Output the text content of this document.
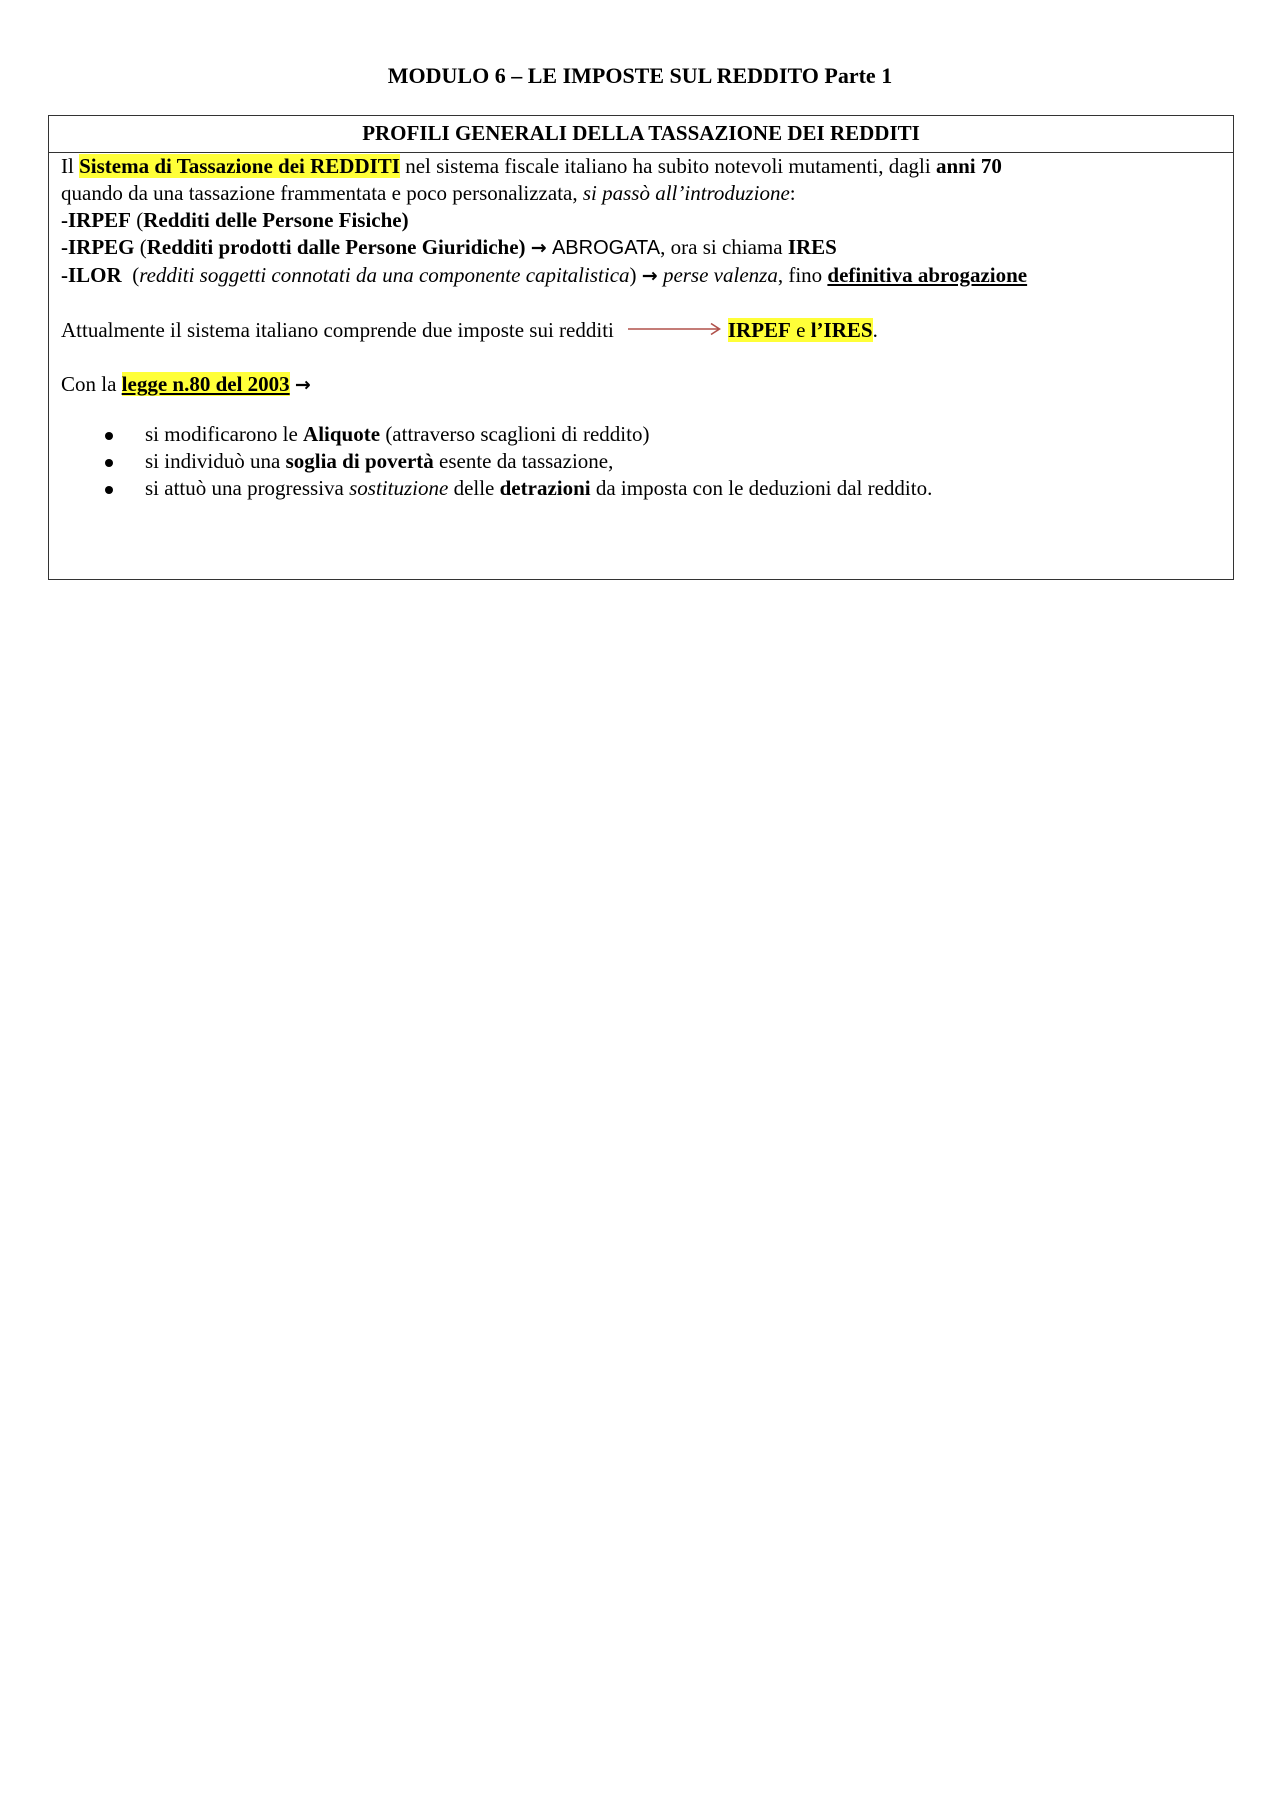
MODULO 6 – LE IMPOSTE SUL REDDITO Parte 1
PROFILI GENERALI DELLA TASSAZIONE DEI REDDITI
Il Sistema di Tassazione dei REDDITI nel sistema fiscale italiano ha subito notevoli mutamenti, dagli anni 70
quando da una tassazione frammentata e poco personalizzata, si passò all’introduzione:
-IRPEF (Redditi delle Persone Fisiche)
-IRPEG (Redditi prodotti dalle Persone Giuridiche) → ABROGATA, ora si chiama IRES
-ILOR (redditi soggetti connotati da una componente capitalistica) → perse valenza, fino definitiva abrogazione
Attualmente il sistema italiano comprende due imposte sui redditi	IRPEF e l’IRES.
Con la legge n.80 del 2003 →
si modificarono le Aliquote (attraverso scaglioni di reddito)
si individuò una soglia di povertà esente da tassazione,
si attuò una progressiva sostituzione delle detrazioni da imposta con le deduzioni dal reddito.
